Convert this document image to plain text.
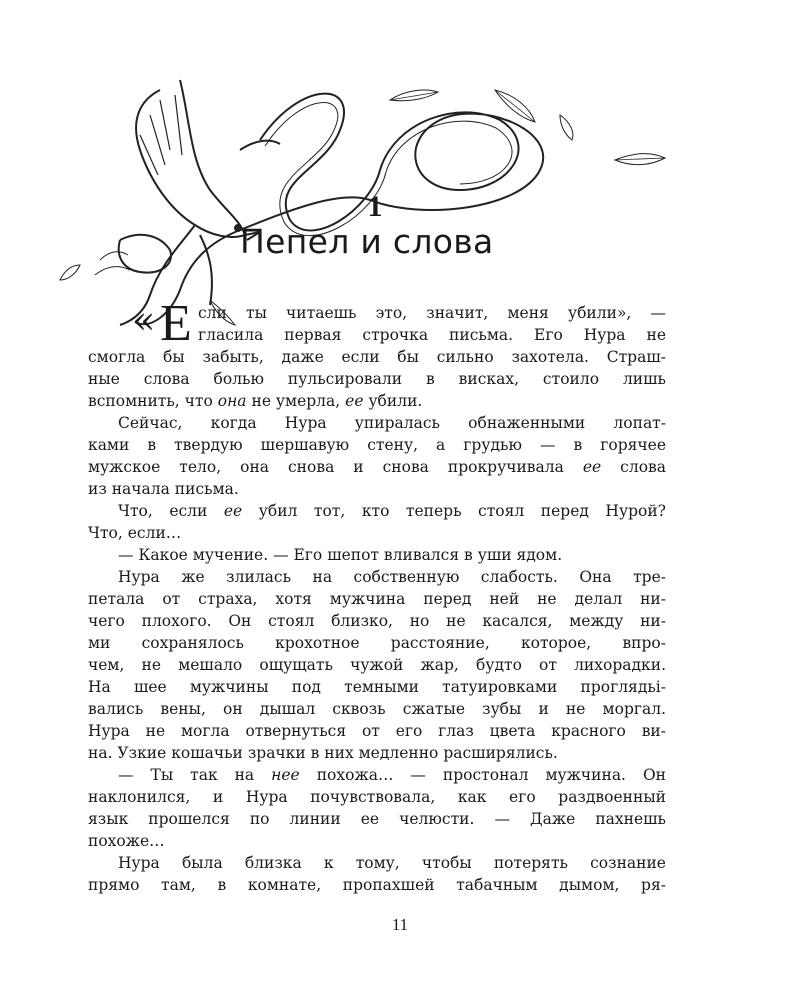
1
Пепел и слова
« Е сли ты читаешь это, значит, меня убили», —
гласила первая строчка письма. Его Нура не
смогла бы забыть, даже если бы сильно захотела. Страш-
ные слова болью пульсировали в висках, стоило лишь
вспомнить, что она не умерла, ее убили.
Сейчас, когда Нура упиралась обнаженными лопат-
ками в твердую шершавую стену, а грудью — в горячее
мужское тело, она снова и снова прокручивала ее слова
из начала письма.
Что, если ее убил тот, кто теперь стоял перед Нурой?
Что, если…
— Какое мучение. — Его шепот вливался в уши ядом.
Нура же злилась на собственную слабость. Она тре-
петала от страха, хотя мужчина перед ней не делал ни-
чего плохого. Он стоял близко, но не касался, между ни-
ми сохранялось крохотное расстояние, которое, впро-
чем, не мешало ощущать чужой жар, будто от лихорадки.
На шее мужчины под темными татуировками проглядьі-
вались вены, он дышал сквозь сжатые зубы и не моргал.
Нура не могла отвернуться от его глаз цвета красного ви-
на. Узкие кошачьи зрачки в них медленно расширялись.
— Ты так на нее похожа… — простонал мужчина. Он
наклонился, и Нура почувствовала, как его раздвоенный
язык прошелся по линии ее челюсти. — Даже пахнешь
похоже…
Нура была близка к тому, чтобы потерять сознание
прямо там, в комнате, пропахшей табачным дымом, ря-
11
